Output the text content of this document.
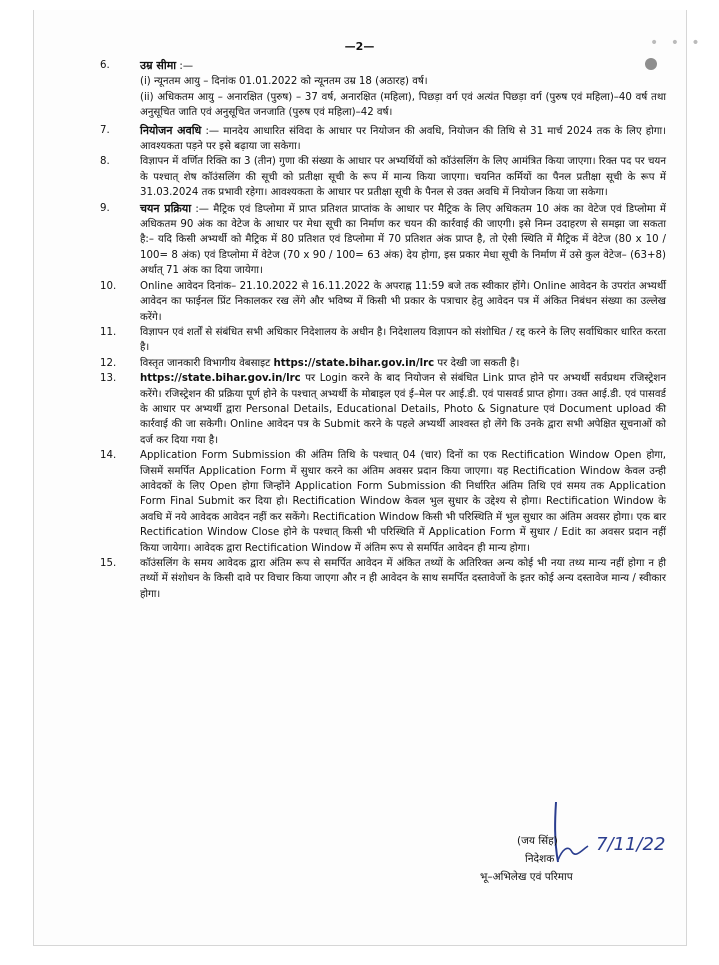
—2—	• • •
6.	उम्र सीमा :—
(i) न्यूनतम आयु – दिनांक 01.01.2022 को न्यूनतम उम्र 18 (अठारह) वर्ष।
(ii) अधिकतम आयु – अनारक्षित (पुरुष) – 37 वर्ष, अनारक्षित (महिला), पिछड़ा वर्ग एवं अत्यंत पिछड़ा वर्ग (पुरुष एवं महिला)–40 वर्ष तथा अनुसूचित जाति एवं अनुसूचित जनजाति (पुरुष एवं महिला)–42 वर्ष।
7.	नियोजन अवधि :— मानदेय आधारित संविदा के आधार पर नियोजन की अवधि, नियोजन की तिथि से 31 मार्च 2024 तक के लिए होगा। आवश्यकता पड़ने पर इसे बढ़ाया जा सकेगा।
8.	विज्ञापन में वर्णित रिक्ति का 3 (तीन) गुणा की संख्या के आधार पर अभ्यर्थियों को कॉउंसलिंग के लिए आमंत्रित किया जाएगा। रिक्त पद पर चयन के पश्चात् शेष कॉउंसलिंग की सूची को प्रतीक्षा सूची के रूप में मान्य किया जाएगा। चयनित कर्मियों का पैनल प्रतीक्षा सूची के रूप में 31.03.2024 तक प्रभावी रहेगा। आवश्यकता के आधार पर प्रतीक्षा सूची के पैनल से उक्त अवधि में नियोजन किया जा सकेगा।
9.	चयन प्रक्रिया :— मैट्रिक एवं डिप्लोमा में प्राप्त प्रतिशत प्राप्तांक के आधार पर मैट्रिक के लिए अधिकतम 10 अंक का वेटेज एवं डिप्लोमा में अधिकतम 90 अंक का वेटेज के आधार पर मेधा सूची का निर्माण कर चयन की कार्रवाई की जाएगी। इसे निम्न उदाहरण से समझा जा सकता है:– यदि किसी अभ्यर्थी को मैट्रिक में 80 प्रतिशत एवं डिप्लोमा में 70 प्रतिशत अंक प्राप्त है, तो ऐसी स्थिति में मैट्रिक में वेटेज (80 x 10 / 100= 8 अंक) एवं डिप्लोमा में वेटेज (70 x 90 / 100= 63 अंक) देय होगा, इस प्रकार मेधा सूची के निर्माण में उसे कुल वेटेज– (63+8) अर्थात् 71 अंक का दिया जायेगा।
10.	Online आवेदन दिनांक– 21.10.2022 से 16.11.2022 के अपराह्न 11:59 बजे तक स्वीकार होंगे। Online आवेदन के उपरांत अभ्यर्थी आवेदन का फाईनल प्रिंट निकालकर रख लेंगे और भविष्य में किसी भी प्रकार के पत्राचार हेतु आवेदन पत्र में अंकित निबंधन संख्या का उल्लेख करेंगे।
11.	विज्ञापन एवं शर्तों से संबंधित सभी अधिकार निदेशालय के अधीन है। निदेशालय विज्ञापन को संशोधित / रद्द करने के लिए सर्वाधिकार धारित करता है।
12.	विस्तृत जानकारी विभागीय वेबसाइट https://state.bihar.gov.in/lrc पर देखी जा सकती है।
13.	https://state.bihar.gov.in/lrc पर Login करने के बाद नियोजन से संबंधित Link प्राप्त होने पर अभ्यर्थी सर्वप्रथम रजिस्ट्रेशन करेंगे। रजिस्ट्रेशन की प्रक्रिया पूर्ण होने के पश्चात् अभ्यर्थी के मोबाइल एवं ई–मेल पर आई.डी. एवं पासवर्ड प्राप्त होगा। उक्त आई.डी. एवं पासवर्ड के आधार पर अभ्यर्थी द्वारा Personal Details, Educational Details, Photo & Signature एवं Document upload की कार्रवाई की जा सकेगी। Online आवेदन पत्र के Submit करने के पहले अभ्यर्थी आश्वस्त हो लेंगे कि उनके द्वारा सभी अपेक्षित सूचनाओं को दर्ज कर दिया गया है।
14.	Application Form Submission की अंतिम तिथि के पश्चात् 04 (चार) दिनों का एक Rectification Window Open होगा, जिसमें समर्पित Application Form में सुधार करने का अंतिम अवसर प्रदान किया जाएगा। यह Rectification Window केवल उन्ही आवेदकों के लिए Open होगा जिन्होंने Application Form Submission की निर्धारित अंतिम तिथि एवं समय तक Application Form Final Submit कर दिया हो। Rectification Window केवल भुल सुधार के उद्देश्य से होगा। Rectification Window के अवधि में नये आवेदक आवेदन नहीं कर सकेंगे। Rectification Window किसी भी परिस्थिति में भुल सुधार का अंतिम अवसर होगा। एक बार Rectification Window Close होने के पश्चात् किसी भी परिस्थिति में Application Form में सुधार / Edit का अवसर प्रदान नहीं किया जायेगा। आवेदक द्वारा Rectification Window में अंतिम रूप से समर्पित आवेदन ही मान्य होगा।
15.	कॉउंसलिंग के समय आवेदक द्वारा अंतिम रूप से समर्पित आवेदन में अंकित तथ्यों के अतिरिक्त अन्य कोई भी नया तथ्य मान्य नहीं होगा न ही तथ्यों में संशोधन के किसी दावे पर विचार किया जाएगा और न ही आवेदन के साथ समर्पित दस्तावेजों के इतर कोई अन्य दस्तावेज मान्य / स्वीकार होगा।
7/11/22
(जय सिंह)
निदेशक
भू–अभिलेख एवं परिमाप
